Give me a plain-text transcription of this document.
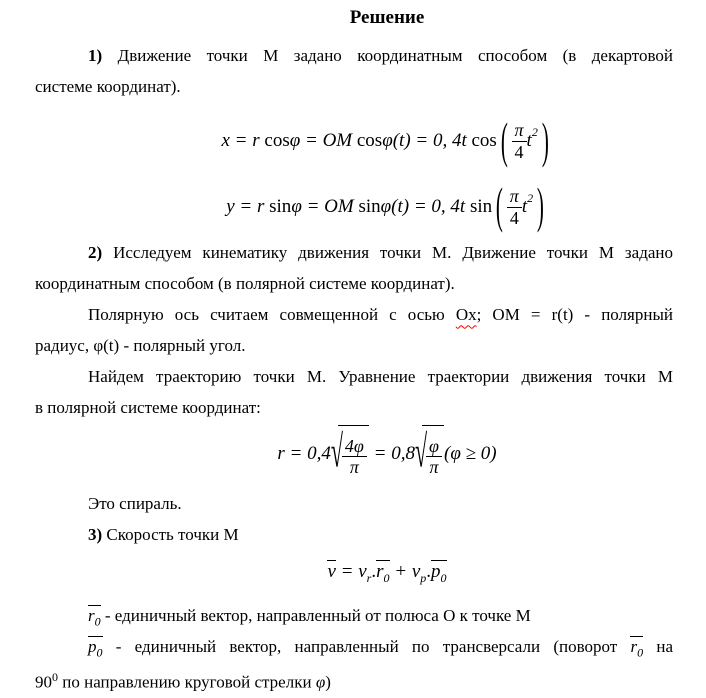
Решение
1) Движение точки М задано координатным способом (в декартовой
системе координат).
x = r cosφ = OM cosφ(t) = 0, 4t cos ( $\frac{\pi}{4} t^2$ )
y = r sinφ = OM sinφ(t) = 0, 4t sin ( $\frac{\pi}{4} t^2$ )
2) Исследуем кинематику движения точки М. Движение точки М задано
координатным способом (в полярной системе координат).
Полярную ось считаем совмещенной с осью Ox; ОМ = r(t) - полярный
радиус, φ(t) - полярный угол.
Найдем траекторию точки М. Уравнение траектории движения точки М
в полярной системе координат:
$r = 0,4√ \frac{4\varphi}{\pi} = 0,8√ \frac{\varphi}{\pi} (\varphi \ge 0)$
Это спираль.
3) Скорость точки М
$v = v_r.r_0 + v_p.p_0$
$r_0$ - единичный вектор, направленный от полюса О к точке М
$p_0$ - единичный вектор, направленный по трансверсали (поворот $r_0$ на
$90^0$ по направлению круговой стрелки φ)
